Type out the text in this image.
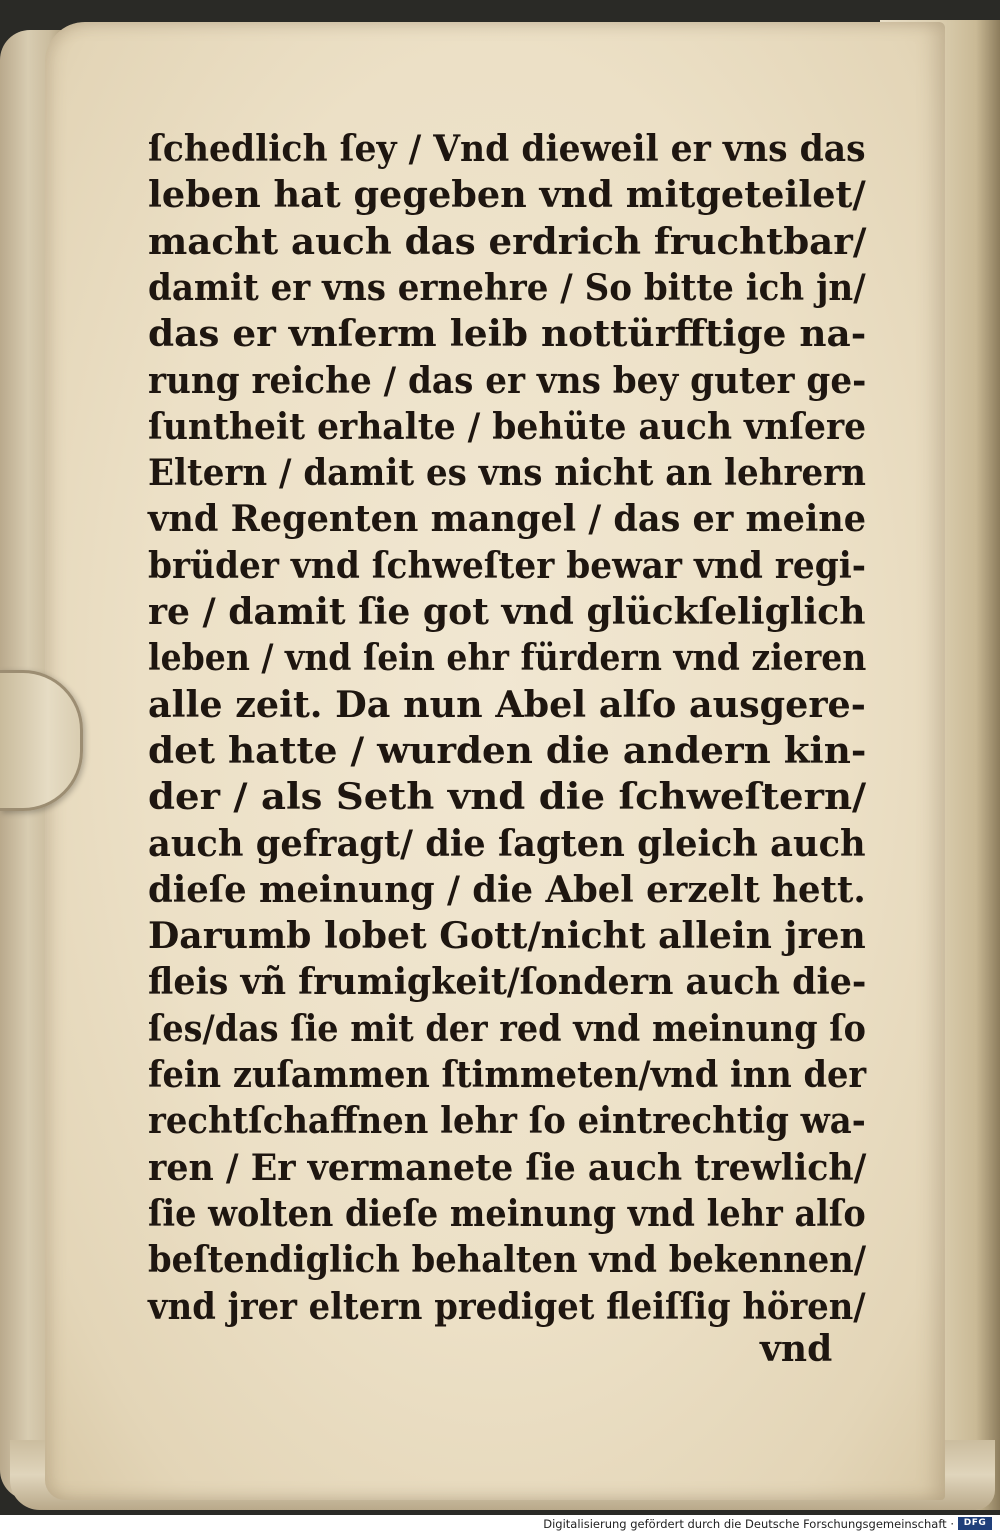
ſchedlich ſey / Vnd dieweil er vns das
leben hat gegeben vnd mitgeteilet/
macht auch das erdrich fruchtbar/
damit er vns ernehre / So bitte ich jn/
das er vnſerm leib nottürfftige na-
rung reiche / das er vns bey guter ge-
ſuntheit erhalte / behüte auch vnſere
Eltern / damit es vns nicht an lehrern
vnd Regenten mangel / das er meine
brüder vnd ſchweſter bewar vnd regi-
re / damit ſie got vnd glückſeliglich
leben / vnd ſein ehr fürdern vnd zieren
alle zeit. Da nun Abel alſo ausgere-
det hatte / wurden die andern kin-
der / als Seth vnd die ſchweſtern/
auch gefragt/ die ſagten gleich auch
dieſe meinung / die Abel erzelt hett.
Darumb lobet Gott/nicht allein jren
fleis vñ frumigkeit/ſondern auch die-
ſes/das ſie mit der red vnd meinung ſo
fein zuſammen ſtimmeten/vnd inn der
rechtſchaffnen lehr ſo eintrechtig wa-
ren / Er vermanete ſie auch trewlich/
ſie wolten dieſe meinung vnd lehr alſo
beſtendiglich behalten vnd bekennen/
vnd jrer eltern prediget fleiſſig hören/
vnd
Digitalisierung gefördert durch die Deutsche Forschungsgemeinschaft ·	DFG
